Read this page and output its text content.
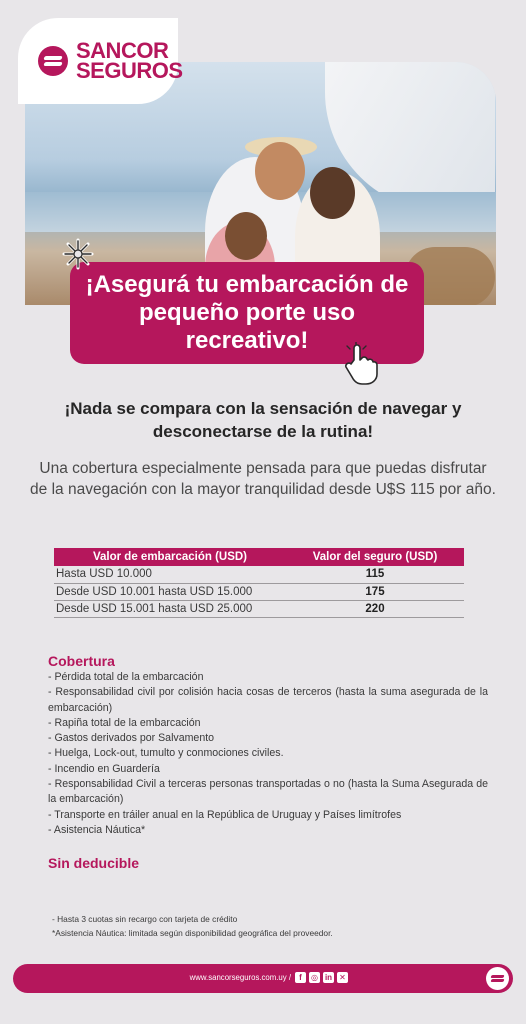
SANCOR
SEGUROS
¡Asegurá tu embarcación de pequeño porte uso recreativo!
¡Nada se compara con la sensación de navegar y desconectarse de la rutina!
Una cobertura especialmente pensada para que puedas disfrutar de la navegación con la mayor tranquilidad desde U$S 115 por año.
Valor de embarcación (USD)	Valor del seguro (USD)
Hasta USD 10.000	115
Desde USD 10.001 hasta USD 15.000	175
Desde USD 15.001 hasta USD 25.000	220
Cobertura
- Pérdida total de la embarcación
- Responsabilidad civil por colisión hacia cosas de terceros (hasta la suma asegurada de la embarcación)
- Rapiña total de la embarcación
- Gastos derivados por Salvamento
- Huelga, Lock-out, tumulto y conmociones civiles.
- Incendio en Guardería
- Responsabilidad Civil a terceras personas transportadas o no (hasta la Suma Asegurada de la embarcación)
- Transporte en tráiler anual en la República de Uruguay y Países limítrofes
- Asistencia Náutica*
Sin deducible
- Hasta 3 cuotas sin recargo con tarjeta de crédito
*Asistencia Náutica: limitada según disponibilidad geográfica del proveedor.
www.sancorseguros.com.uy /	f	◎ in ✕
